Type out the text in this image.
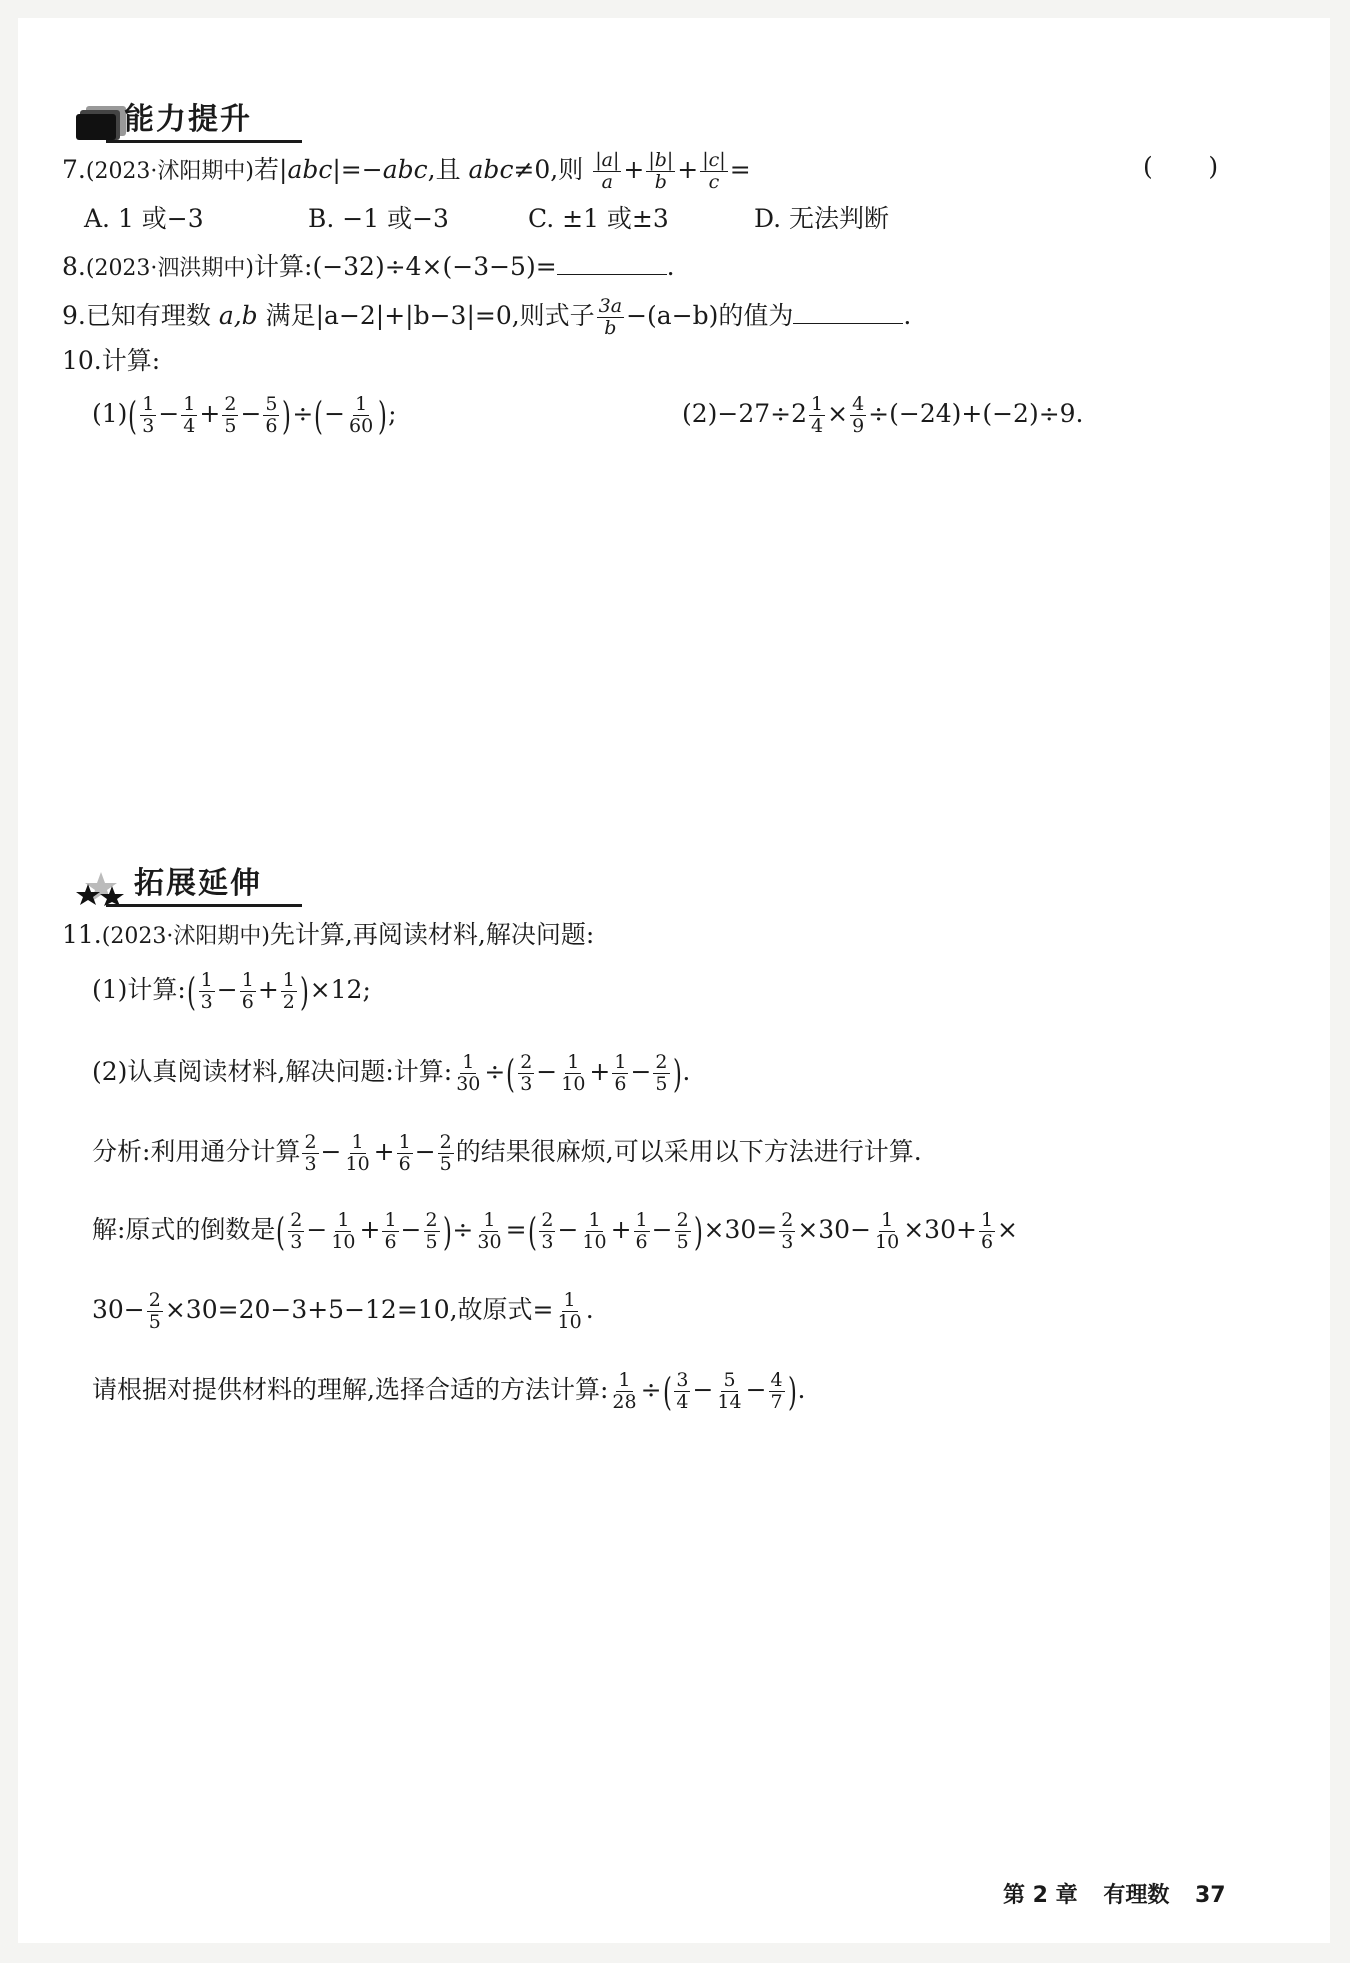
能力提升
7.(2023·沭阳期中)若|abc|=−abc,且 abc≠0,则 $\frac{|a|}{a} + \frac{|b|}{b} + \frac{|c|}{c}$ =	(       )
A. 1 或−3	B. −1 或−3	C. ±1 或±3	D. 无法判断
8.(2023·泗洪期中)计算:(−32)÷4×(−3−5)=	.
9.已知有理数 a,b 满足|a−2|+|b−3|=0,则式子 $\frac{3a}{b} -(a-b)$的值为	.
10.计算:
$(1)( \frac{1}{3} - \frac{1}{4} + \frac{2}{5} - \frac{5}{6}$ )÷(− $\frac{1}{60}$ );	$(2)-27\div 2 \frac{1}{4} \times \frac{4}{9} \div(-24)+(-2)\div 9$.
拓展延伸
11.(2023·沭阳期中)先计算,再阅读材料,解决问题:
(1)计算:( $\frac{1}{3} - \frac{1}{6} + \frac{1}{2} )\times 12$;
(2)认真阅读材料,解决问题:计算: $\frac{1}{30}$ ÷( $\frac{2}{3} - \frac{1}{10} + \frac{1}{6} - \frac{2}{5}$ ).
分析:利用通分计算 $\frac{2}{3} - \frac{1}{10} + \frac{1}{6} - \frac{2}{5}$ 的结果很麻烦,可以采用以下方法进行计算.
解:原式的倒数是( $\frac{2}{3} - \frac{1}{10} + \frac{1}{6} - \frac{2}{5}$ )÷ $\frac{1}{30}$ =( $\frac{2}{3} - \frac{1}{10} + \frac{1}{6} - \frac{2}{5} )\times 30= \frac{2}{3} \times 30- \frac{1}{10} \times 30+ \frac{1}{6}$ ×
$30- \frac{2}{5} \times 30=20-3+5-12=10$,故原式= $\frac{1}{10}$ .
请根据对提供材料的理解,选择合适的方法计算: $\frac{1}{28}$ ÷( $\frac{3}{4} - \frac{5}{14} - \frac{4}{7}$ ).
第 2 章 有理数 37
